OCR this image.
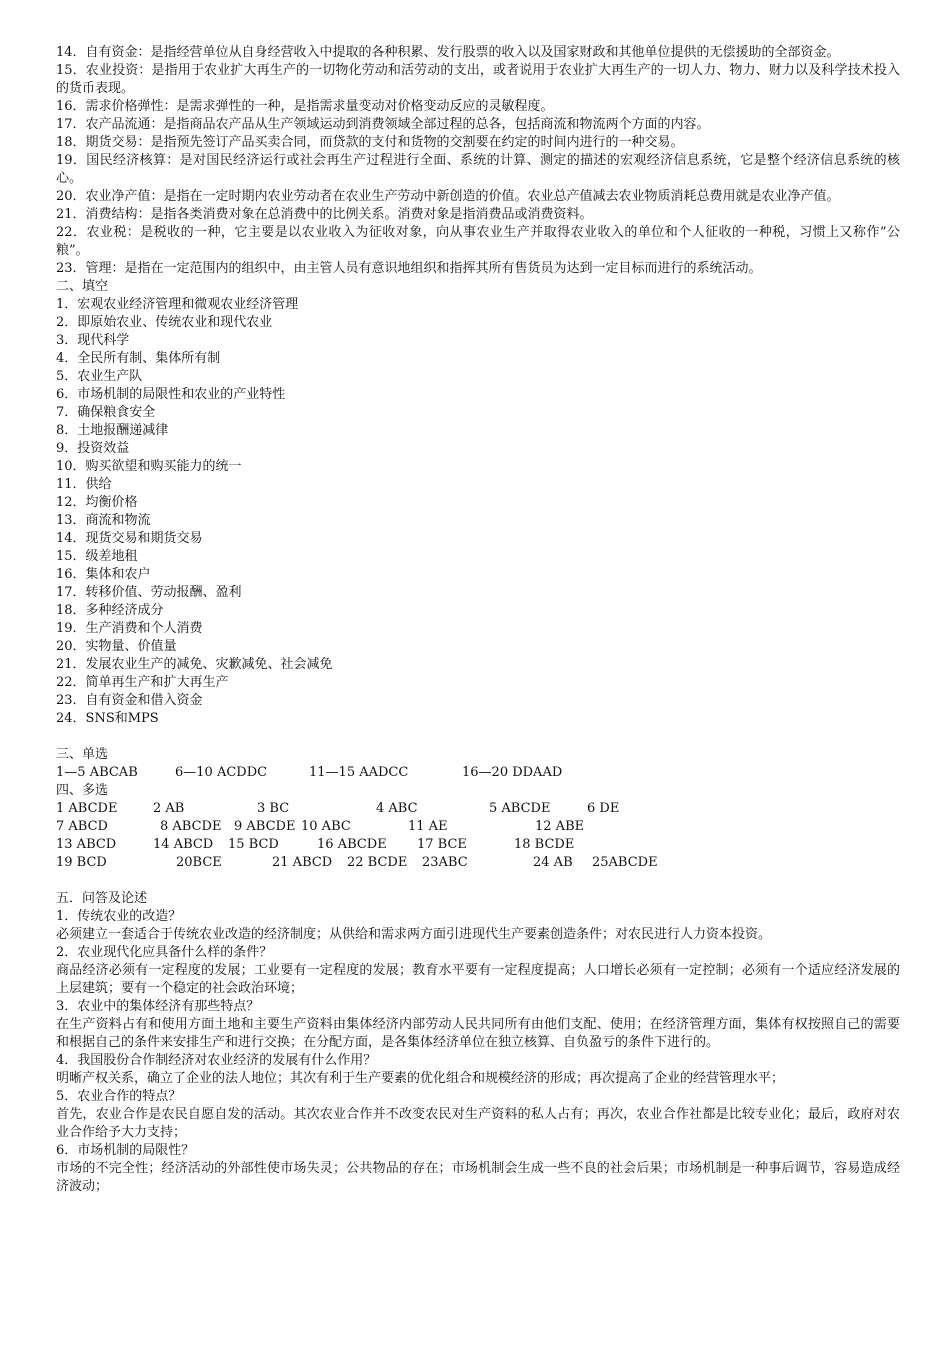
14．自有资金：是指经营单位从自身经营收入中提取的各种积累、发行股票的收入以及国家财政和其他单位提供的无偿援助的全部资金。

15．农业投资：是指用于农业扩大再生产的一切物化劳动和活劳动的支出，或者说用于农业扩大再生产的一切人力、物力、财力以及科学技术投入的货币表现。

16．需求价格弹性：是需求弹性的一种，是指需求量变动对价格变动反应的灵敏程度。

17．农产品流通：是指商品农产品从生产领域运动到消费领域全部过程的总各，包括商流和物流两个方面的内容。

18．期货交易：是指预先签订产品买卖合同，而贷款的支付和货物的交割要在约定的时间内进行的一种交易。

19．国民经济核算：是对国民经济运行或社会再生产过程进行全面、系统的计算、测定的描述的宏观经济信息系统，它是整个经济信息系统的核心。

20．农业净产值：是指在一定时期内农业劳动者在农业生产劳动中新创造的价值。农业总产值减去农业物质消耗总费用就是农业净产值。

21．消费结构：是指各类消费对象在总消费中的比例关系。消费对象是指消费品或消费资料。

22．农业税：是税收的一种，它主要是以农业收入为征收对象，向从事农业生产并取得农业收入的单位和个人征收的一种税，习惯上又称作”公粮”。

23．管理：是指在一定范围内的组织中，由主管人员有意识地组织和指挥其所有售货员为达到一定目标而进行的系统活动。

二、填空

1．宏观农业经济管理和微观农业经济管理

2．即原始农业、传统农业和现代农业

3．现代科学

4．全民所有制、集体所有制

5．农业生产队

6．市场机制的局限性和农业的产业特性

7．确保粮食安全

8．土地报酬递减律

9．投资效益

10．购买欲望和购买能力的统一

11．供给

12．均衡价格

13．商流和物流

14．现货交易和期货交易

15．级差地租

16．集体和农户

17．转移价值、劳动报酬、盈利

18．多种经济成分

19．生产消费和个人消费

20．实物量、价值量

21．发展农业生产的减免、灾歉减免、社会减免

22．简单再生产和扩大再生产

23．自有资金和借入资金

24．SNS和MPS

三、单选

1—5 ABCAB	6—10 ACDDC	11—15 AADCC	16—20 DDAAD

四、多选

1 ABCDE	2 AB	3 BC	4 ABC	5 ABCDE	6 DE
7 ABCD	8 ABCDE 9 ABCDE 10 ABC	11 AE	12 ABE
13 ABCD	14 ABCD 15 BCD	16 ABCDE 17 BCE	18 BCDE
19 BCD	20BCE	21 ABCD 22 BCDE 23ABC	24 AB 25ABCDE

五．问答及论述

1．传统农业的改造？

必须建立一套适合于传统农业改造的经济制度；从供给和需求两方面引进现代生产要素创造条件；对农民进行人力资本投资。

2．农业现代化应具备什么样的条件？

商品经济必须有一定程度的发展；工业要有一定程度的发展；教育水平要有一定程度提高；人口增长必须有一定控制；必须有一个适应经济发展的上层建筑；要有一个稳定的社会政治环境；

3．农业中的集体经济有那些特点？

在生产资料占有和使用方面土地和主要生产资料由集体经济内部劳动人民共同所有由他们支配、使用；在经济管理方面，集体有权按照自己的需要和根据自己的条件来安排生产和进行交换；在分配方面，是各集体经济单位在独立核算、自负盈亏的条件下进行的。

4．我国股份合作制经济对农业经济的发展有什么作用？

明晰产权关系，确立了企业的法人地位；其次有利于生产要素的优化组合和规模经济的形成；再次提高了企业的经营管理水平；

5．农业合作的特点？

首先，农业合作是农民自愿自发的活动。其次农业合作并不改变农民对生产资料的私人占有；再次，农业合作社都是比较专业化；最后，政府对农业合作给予大力支持；

6．市场机制的局限性？

市场的不完全性；经济活动的外部性使市场失灵；公共物品的存在；市场机制会生成一些不良的社会后果；市场机制是一种事后调节，容易造成经济波动；
